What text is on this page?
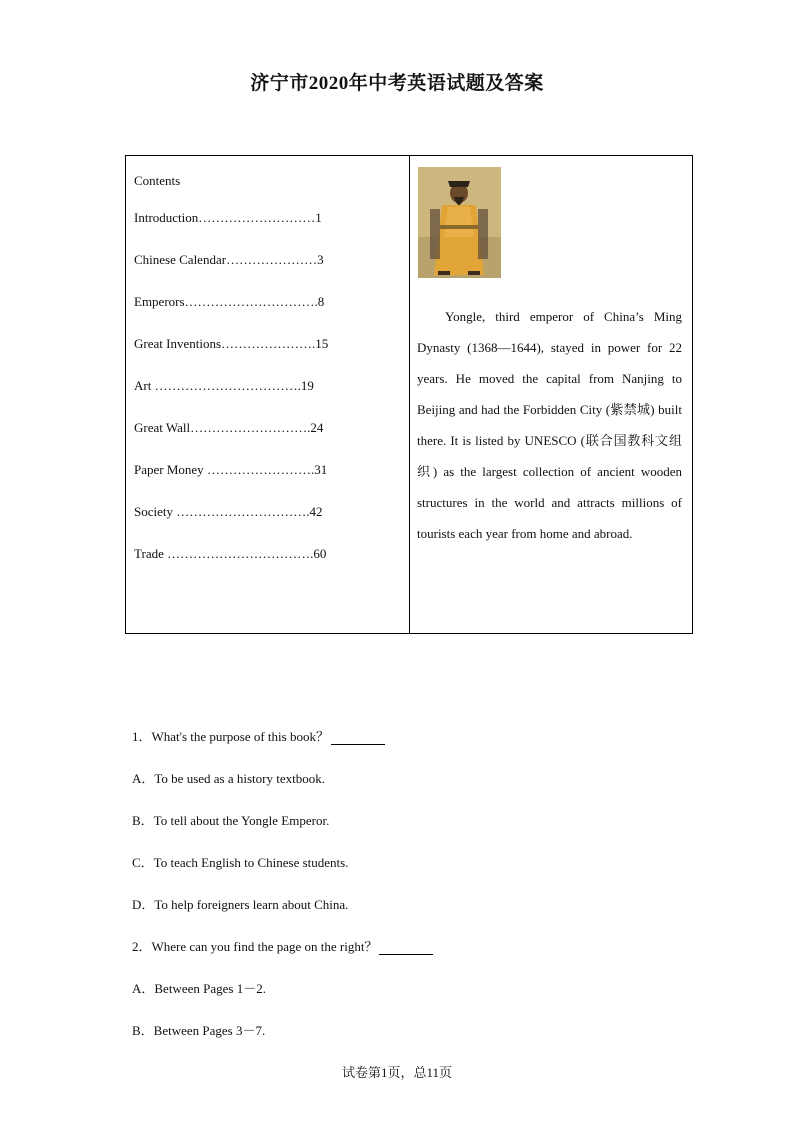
济宁市2020年中考英语试题及答案
Contents
Introduction………………………1
Chinese Calendar…………………3
Emperors………………………….8
Great Inventions………………….15
Art …………………………….19
Great Wall……………………….24
Paper Money …………………….31
Society ………………………….42
Trade …………………………….60
Yongle, third emperor of China’s Ming Dynasty (1368—1644), stayed in power for 22 years. He moved the capital from Nanjing to Beijing and had the Forbidden City (紫禁城) built there. It is listed by UNESCO (联合国教科文组织) as the largest collection of ancient wooden structures in the world and attracts millions of tourists each year from home and abroad.
1．What's the purpose of this book？
A．To be used as a history textbook.
B．To tell about the Yongle Emperor.
C．To teach English to Chinese students.
D．To help foreigners learn about China.
2．Where can you find the page on the right？
A．Between Pages 1－2.
B．Between Pages 3－7.
试卷第1页，总11页
